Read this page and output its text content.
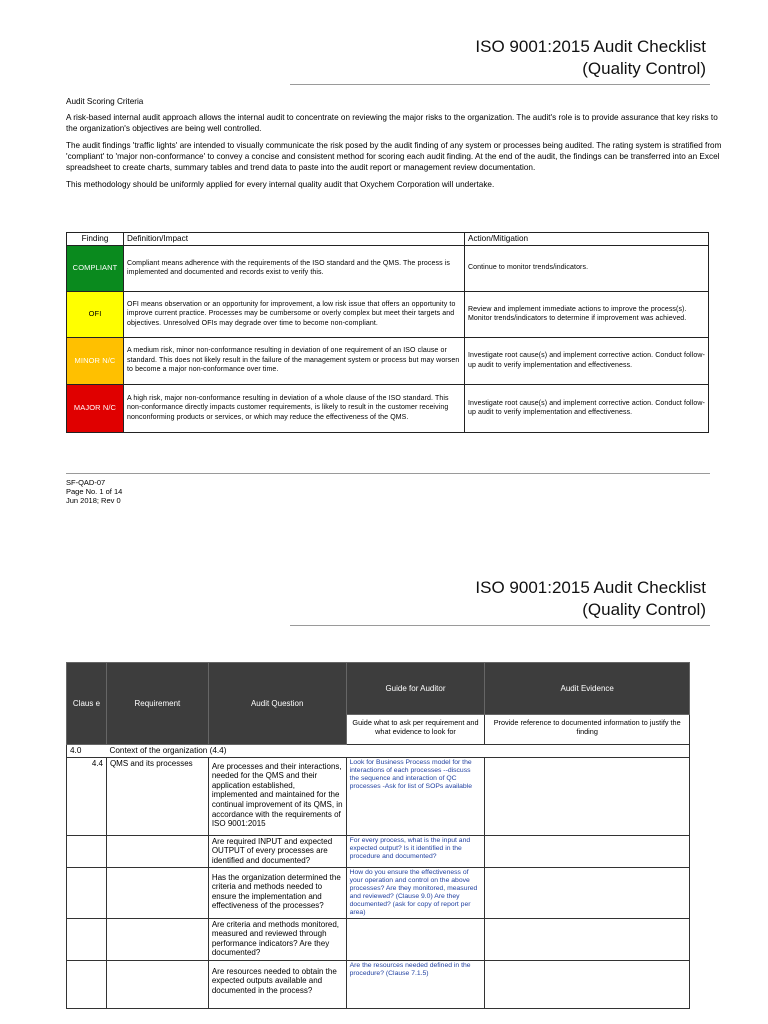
ISO 9001:2015 Audit Checklist
(Quality Control)

Audit Scoring Criteria

A risk-based internal audit approach allows the internal audit to concentrate on reviewing the major risks to the organization. The audit's role is to provide assurance that key risks to the organization's objectives are being well controlled.

The audit findings 'traffic lights' are intended to visually communicate the risk posed by the audit finding of any system or processes being audited. The rating system is stratified from 'compliant' to 'major non-conformance' to convey a concise and consistent method for scoring each audit finding. At the end of the audit, the findings can be transferred into an Excel spreadsheet to create charts, summary tables and trend data to paste into the audit report or management review documentation.

This methodology should be uniformly applied for every internal quality audit that Oxychem Corporation will undertake.

Finding	Definition/Impact	Action/Mitigation
COMPLIANT	Compliant means adherence with the requirements of the ISO standard and the QMS. The process is implemented and documented and records exist to verify this.	Continue to monitor trends/indicators.
OFI	OFI means observation or an opportunity for improvement, a low risk issue that offers an opportunity to improve current practice. Processes may be cumbersome or overly complex but meet their targets and objectives. Unresolved OFIs may degrade over time to become non-compliant.	Review and implement immediate actions to improve the process(s). Monitor trends/indicators to determine if improvement was achieved.
MINOR N/C	A medium risk, minor non-conformance resulting in deviation of one requirement of an ISO clause or standard. This does not likely result in the failure of the management system or process but may worsen to become a major non-conformance over time.	Investigate root cause(s) and implement corrective action. Conduct follow-up audit to verify implementation and effectiveness.
MAJOR N/C	A high risk, major non-conformance resulting in deviation of a whole clause of the ISO standard. This non-conformance directly impacts customer requirements, is likely to result in the customer receiving nonconforming products or services, or which may reduce the effectiveness of the QMS.	Investigate root cause(s) and implement corrective action. Conduct follow-up audit to verify implementation and effectiveness.
SF-QAD-07
Page No. 1 of 14
Jun 2018; Rev 0
ISO 9001:2015 Audit Checklist
(Quality Control)
Claus e	Requirement	Audit Question	Guide for Auditor	Audit Evidence
			Guide what to ask per requirement and what evidence to look for	Provide reference to documented information to justify the finding
4.0	Context of the organization (4.4)			
4.4	QMS and its processes	Are processes and their interactions, needed for the QMS and their application established, implemented and maintained for the continual improvement of its QMS, in accordance with the requirements of ISO 9001:2015	Look for Business Process model for the interactions of each processes --discuss the sequence and interaction of QC processes -Ask for list of SOPs available	
		Are required INPUT and expected OUTPUT of every processes are identified and documented?	For every process, what is the input and expected output? Is it identified in the procedure and documented?	
		Has the organization determined the criteria and methods needed to ensure the implementation and effectiveness of the processes?	How do you ensure the effectiveness of your operation and control on the above processes? Are they monitored, measured and reviewed? (Clause 9.0) Are they documented? (ask for copy of report per area)	
		Are criteria and methods monitored, measured and reviewed through performance indicators? Are they documented?		
		Are resources needed to obtain the expected outputs available and documented in the process?	Are the resources needed defined in the procedure? (Clause 7.1.5)	
